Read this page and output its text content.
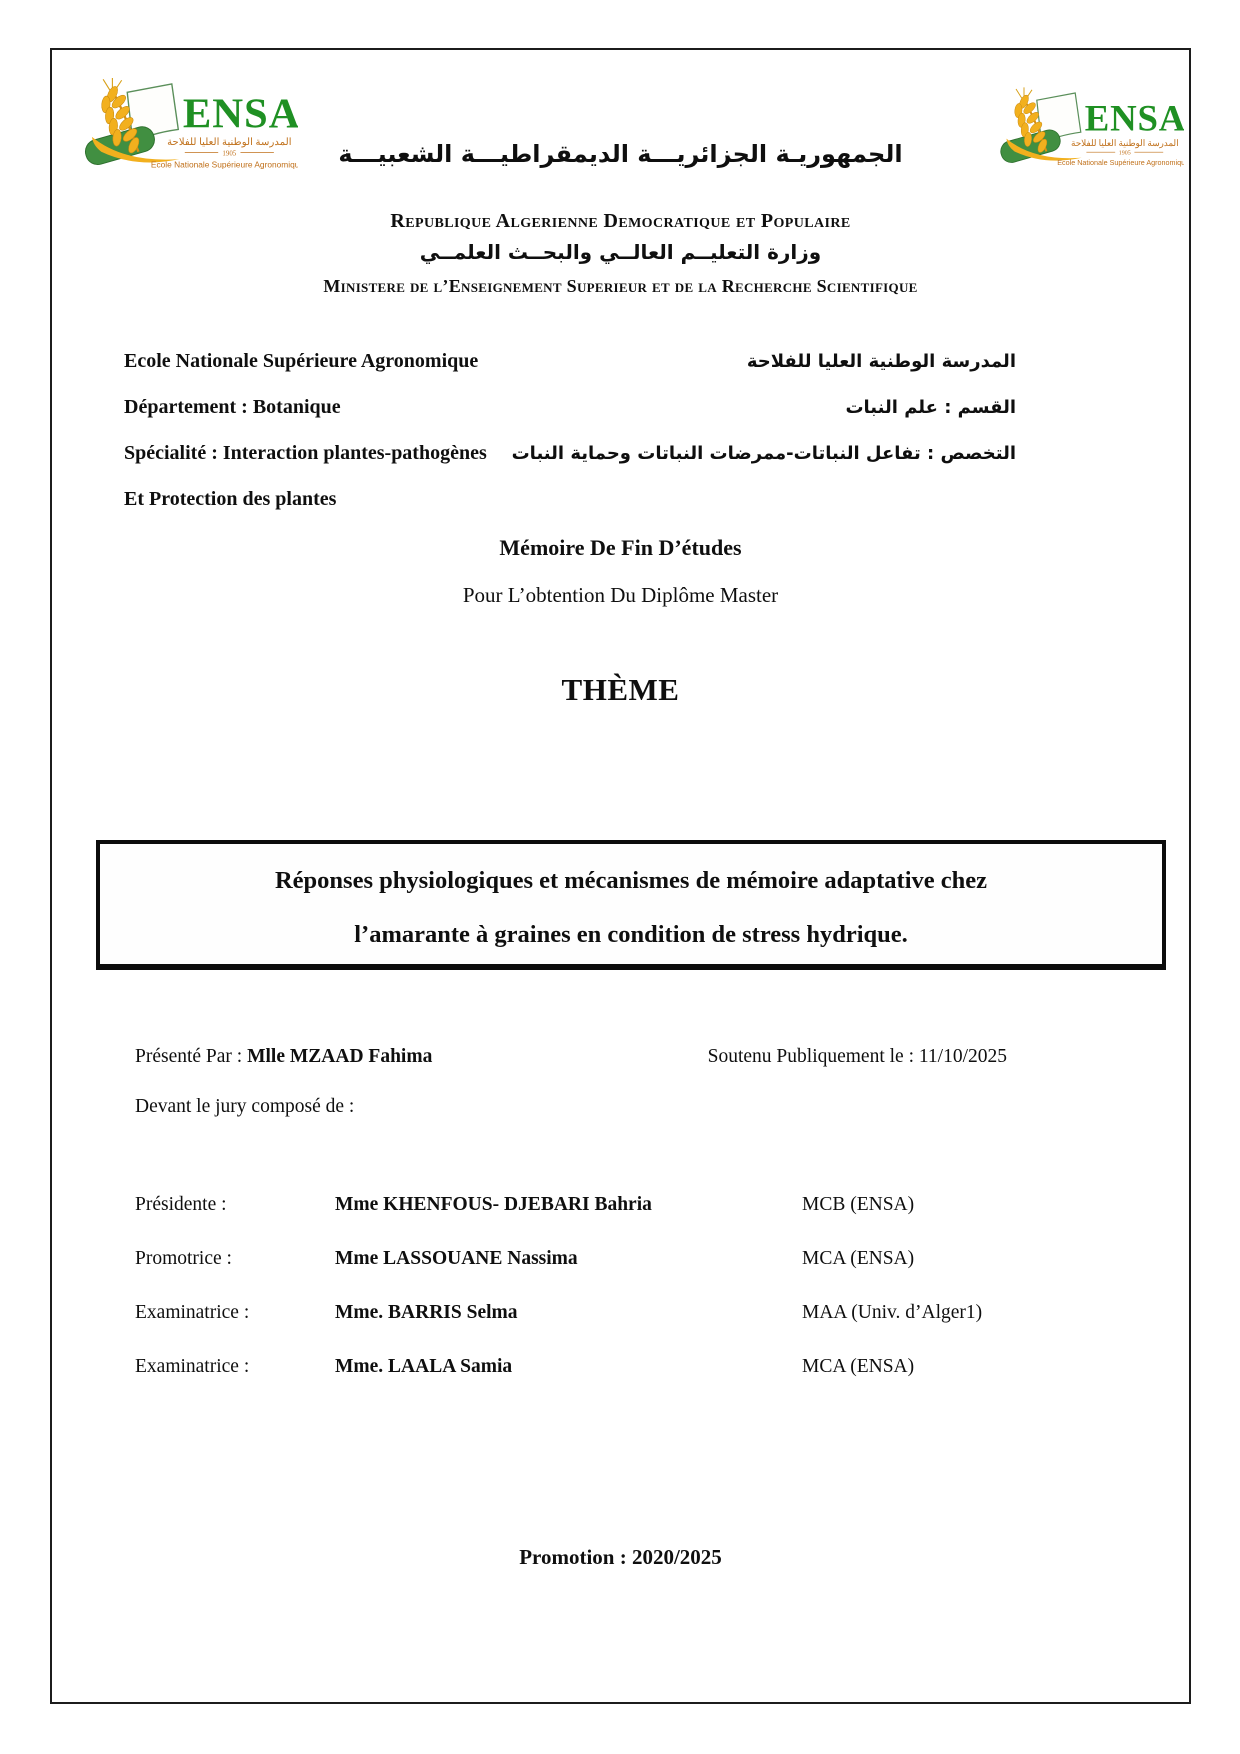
ENSA
المدرسة الوطنية العليا للفلاحة
1905
Ecole Nationale Supérieure Agronomique
ENSA
المدرسة الوطنية العليا للفلاحة
1905
Ecole Nationale Supérieure Agronomique
الجمهوريـة الجزائريـــة الديمقراطيـــة الشعبيـــة
Republique Algerienne Democratique et Populaire
وزارة التعليــم العالــي والبحــث العلمــي
Ministere de l’Enseignement Superieur et de la Recherche Scientifique
Ecole Nationale Supérieure Agronomique	المدرسة الوطنية العليا للفلاحة
Département : Botanique	القسم : علم النبات
Spécialité : Interaction plantes-pathogènes التخصص : تفاعل النباتات-ممرضات النباتات وحماية النبات
Et Protection des plantes
Mémoire De Fin D’études
Pour L’obtention Du Diplôme Master
THÈME
Réponses physiologiques et mécanismes de mémoire adaptative chez
l’amarante à graines en condition de stress hydrique.
Présenté Par : Mlle MZAAD Fahima	Soutenu Publiquement le : 11/10/2025
Devant le jury composé de :
Présidente :	Mme KHENFOUS- DJEBARI Bahria	MCB (ENSA)
Promotrice :	Mme LASSOUANE Nassima	MCA (ENSA)
Examinatrice :	Mme. BARRIS Selma	MAA (Univ. d’Alger1)
Examinatrice :	Mme. LAALA Samia	MCA (ENSA)
Promotion : 2020/2025
